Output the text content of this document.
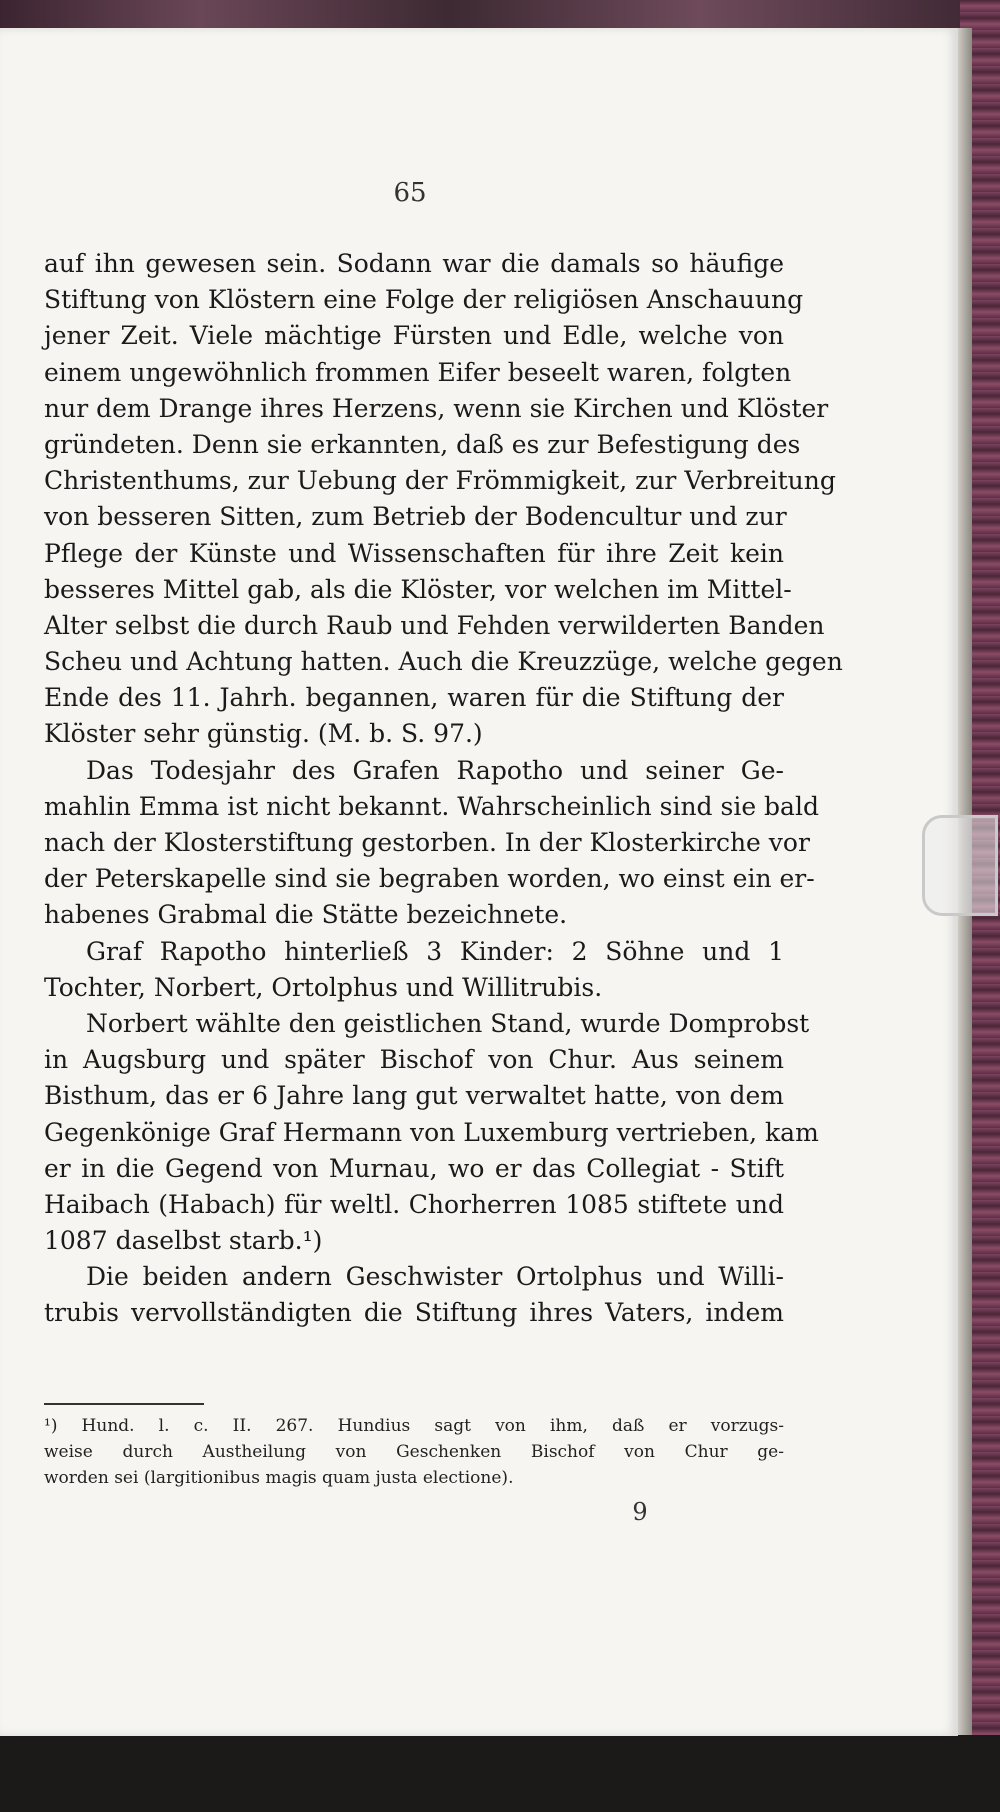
65
auf ihn gewesen sein. Sodann war die damals so häufige
Stiftung von Klöstern eine Folge der religiösen Anschauung
jener Zeit. Viele mächtige Fürsten und Edle, welche von
einem ungewöhnlich frommen Eifer beseelt waren, folgten
nur dem Drange ihres Herzens, wenn sie Kirchen und Klöster
gründeten. Denn sie erkannten, daß es zur Befestigung des
Christenthums, zur Uebung der Frömmigkeit, zur Verbreitung
von besseren Sitten, zum Betrieb der Bodencultur und zur
Pflege der Künste und Wissenschaften für ihre Zeit kein
besseres Mittel gab, als die Klöster, vor welchen im Mittel-
Alter selbst die durch Raub und Fehden verwilderten Banden
Scheu und Achtung hatten. Auch die Kreuzzüge, welche gegen
Ende des 11. Jahrh. begannen, waren für die Stiftung der
Klöster sehr günstig. (M. b. S. 97.)
Das Todesjahr des Grafen Rapotho und seiner Ge-
mahlin Emma ist nicht bekannt. Wahrscheinlich sind sie bald
nach der Klosterstiftung gestorben. In der Klosterkirche vor
der Peterskapelle sind sie begraben worden, wo einst ein er-
habenes Grabmal die Stätte bezeichnete.
Graf Rapotho hinterließ 3 Kinder: 2 Söhne und 1
Tochter, Norbert, Ortolphus und Willitrubis.
Norbert wählte den geistlichen Stand, wurde Domprobst
in Augsburg und später Bischof von Chur. Aus seinem
Bisthum, das er 6 Jahre lang gut verwaltet hatte, von dem
Gegenkönige Graf Hermann von Luxemburg vertrieben, kam
er in die Gegend von Murnau, wo er das Collegiat - Stift
Haibach (Habach) für weltl. Chorherren 1085 stiftete und
1087 daselbst starb.¹)
Die beiden andern Geschwister Ortolphus und Willi-
trubis vervollständigten die Stiftung ihres Vaters, indem
¹) Hund. l. c. II. 267. Hundius sagt von ihm, daß er vorzugs-
weise durch Austheilung von Geschenken Bischof von Chur ge-
worden sei (largitionibus magis quam justa electione).
9
